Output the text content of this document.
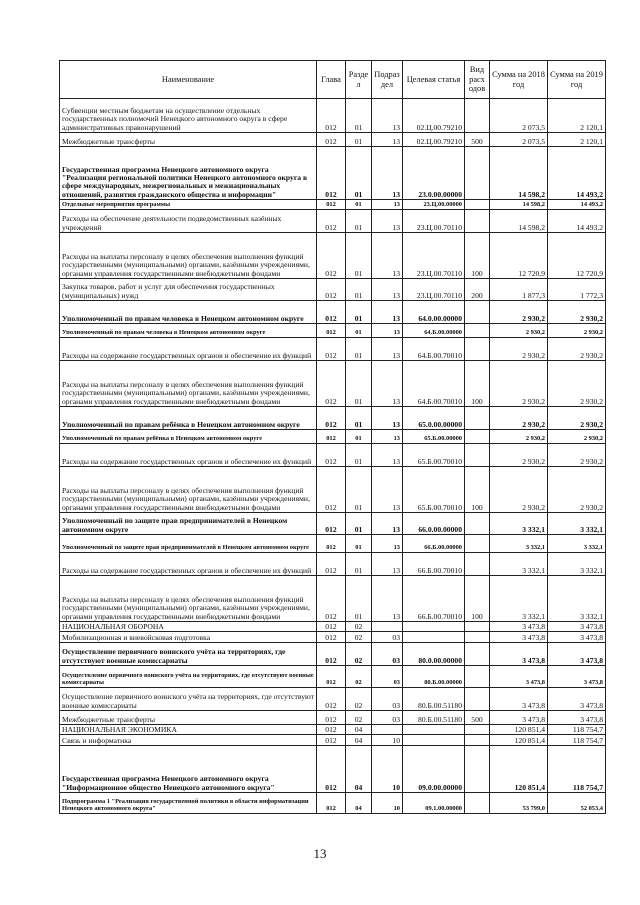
Наименование	Глава	Разде л	Подраз дел	Целевая статья	Вид расх одов	Сумма на 2018 год	Сумма на 2019 год
Субвенции местным бюджетам на осуществление отдельных государственных полномочий Ненецкого автономного округа в сфере административных правонарушений	012	01	13	02.Ц.00.79210		2 073,5	2 120,1
Межбюджетные трансферты	012	01	13	02.Ц.00.79210	500	2 073,5	2 120,1
Государственная программа Ненецкого автономного округа "Реализация региональной политики Ненецкого автономного округа в сфере международных, межрегиональных и межнациональных отношений, развития гражданского общества и информации"	012	01	13	23.0.00.00000		14 598,2	14 493,2
Отдельные мероприятия программы	012	01	13	23.Ц.00.00000		14 598,2	14 493,2
Расходы на обеспечение деятельности подведомственных казённых учреждений	012	01	13	23.Ц.00.70110		14 598,2	14 493,2
Расходы на выплаты персоналу в целях обеспечения выполнения функций государственными (муниципальными) органами, казёнными учреждениями, органами управления государственными внебюджетными фондами	012	01	13	23.Ц.00.70110	100	12 720,9	12 720,9
Закупка товаров, работ и услуг для обеспечения государственных (муниципальных) нужд	012	01	13	23.Ц.00.70110	200	1 877,3	1 772,3
Уполномоченный по правам человека в Ненецком автономном округе	012	01	13	64.0.00.00000		2 930,2	2 930,2
Уполномоченный по правам человека в Ненецком автономном округе	012	01	13	64.Б.00.00000		2 930,2	2 930,2
Расходы на содержание государственных органов и обеспечение их функций	012	01	13	64.Б.00.70010		2 930,2	2 930,2
Расходы на выплаты персоналу в целях обеспечения выполнения функций государственными (муниципальными) органами, казёнными учреждениями, органами управления государственными внебюджетными фондами	012	01	13	64.Б.00.70010	100	2 930,2	2 930,2
Уполномоченный по правам ребёнка в Ненецком автономном округе	012	01	13	65.0.00.00000		2 930,2	2 930,2
Уполномоченный по правам ребёнка в Ненецком автономном округе	012	01	13	65.Б.00.00000		2 930,2	2 930,2
Расходы на содержание государственных органов и обеспечение их функций	012	01	13	65.Б.00.70010		2 930,2	2 930,2
Расходы на выплаты персоналу в целях обеспечения выполнения функций государственными (муниципальными) органами, казёнными учреждениями, органами управления государственными внебюджетными фондами	012	01	13	65.Б.00.70010	100	2 930,2	2 930,2
Уполномоченный по защите прав предпринимателей в Ненецком автономном округе	012	01	13	66.0.00.00000		3 332,1	3 332,1
Уполномоченный по защите прав предпринимателей в Ненецком автономном округе	012	01	13	66.Б.00.00000		3 332,1	3 332,1
Расходы на содержание государственных органов и обеспечение их функций	012	01	13	66.Б.00.70010		3 332,1	3 332,1
Расходы на выплаты персоналу в целях обеспечения выполнения функций государственными (муниципальными) органами, казёнными учреждениями, органами управления государственными внебюджетными фондами	012	01	13	66.Б.00.70010	100	3 332,1	3 332,1
НАЦИОНАЛЬНАЯ ОБОРОНА	012	02				3 473,8	3 473,8
Мобилизационная и вневойсковая подготовка	012	02	03			3 473,8	3 473,8
Осуществление первичного воинского учёта на территориях, где отсутствуют военные комиссариаты	012	02	03	80.0.00.00000		3 473,8	3 473,8
Осуществление первичного воинского учёта на территориях, где отсутствуют военные комиссариаты	012	02	03	80.Б.00.00000		3 473,8	3 473,8
Осуществление первичного воинского учёта на территориях, где отсутствуют военные комиссариаты	012	02	03	80.Б.00.51180		3 473,8	3 473,8
Межбюджетные трансферты	012	02	03	80.Б.00.51180	500	3 473,8	3 473,8
НАЦИОНАЛЬНАЯ ЭКОНОМИКА	012	04				120 851,4	118 754,7
Связь и информатика	012	04	10			120 851,4	118 754,7
Государственная программа Ненецкого автономного округа "Информационное общество Ненецкого автономного округа"	012	04	10	09.0.00.00000		120 851,4	118 754,7
Подпрограмма 1 "Реализация государственной политики в области информатизации Ненецкого автономного округа"	012	04	10	09.1.00.00000		53 799,0	52 053,4
13
